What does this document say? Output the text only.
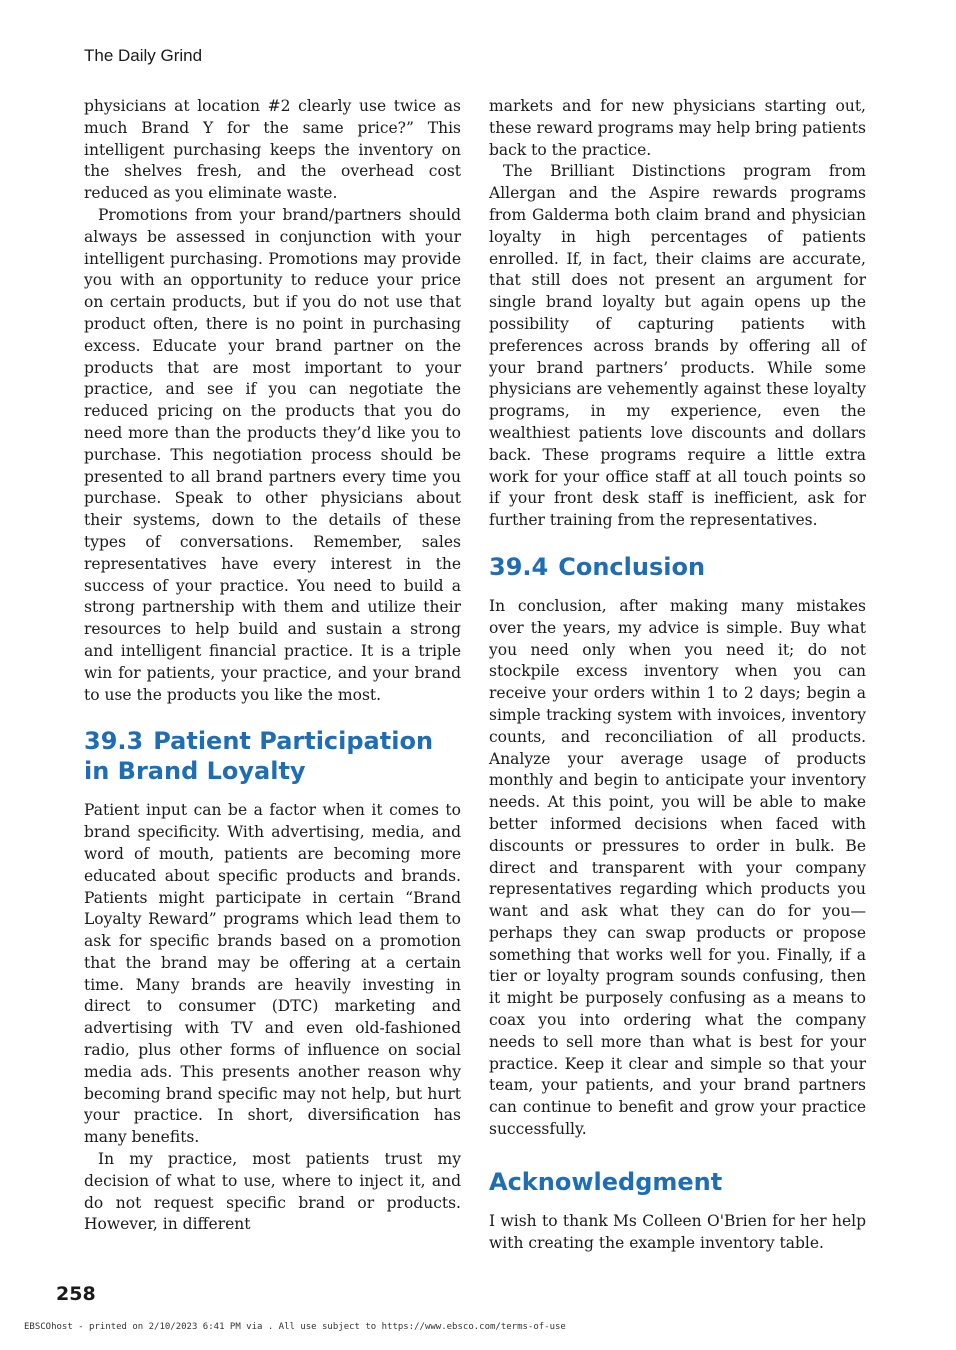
The Daily Grind

physicians at location #2 clearly use twice as much Brand Y for the same price?” This intelligent purchasing keeps the inventory on the shelves fresh, and the overhead cost reduced as you eliminate waste.

Promotions from your brand/partners should always be assessed in conjunction with your intelligent purchasing. Promotions may provide you with an opportunity to reduce your price on certain products, but if you do not use that product often, there is no point in purchasing excess. Educate your brand partner on the products that are most important to your practice, and see if you can negotiate the reduced pricing on the products that you do need more than the products they’d like you to purchase. This negotiation process should be presented to all brand partners every time you purchase. Speak to other physicians about their systems, down to the details of these types of conversations. Remember, sales representatives have every interest in the success of your practice. You need to build a strong partnership with them and utilize their resources to help build and sustain a strong and intelligent financial practice. It is a triple win for patients, your practice, and your brand to use the products you like the most.

39.3 Patient Participation in Brand Loyalty

Patient input can be a factor when it comes to brand specificity. With advertising, media, and word of mouth, patients are becoming more educated about specific products and brands. Patients might participate in certain “Brand Loyalty Reward” programs which lead them to ask for specific brands based on a promotion that the brand may be offering at a certain time. Many brands are heavily investing in direct to consumer (DTC) marketing and advertising with TV and even old-fashioned radio, plus other forms of influence on social media ads. This presents another reason why becoming brand specific may not help, but hurt your practice. In short, diversification has many benefits.

In my practice, most patients trust my decision of what to use, where to inject it, and do not request specific brand or products. However, in different

markets and for new physicians starting out, these reward programs may help bring patients back to the practice.

The Brilliant Distinctions program from Allergan and the Aspire rewards programs from Galderma both claim brand and physician loyalty in high percentages of patients enrolled. If, in fact, their claims are accurate, that still does not present an argument for single brand loyalty but again opens up the possibility of capturing patients with preferences across brands by offering all of your brand partners’ products. While some physicians are vehemently against these loyalty programs, in my experience, even the wealthiest patients love discounts and dollars back. These programs require a little extra work for your office staff at all touch points so if your front desk staff is inefficient, ask for further training from the representatives.

39.4 Conclusion

In conclusion, after making many mistakes over the years, my advice is simple. Buy what you need only when you need it; do not stockpile excess inventory when you can receive your orders within 1 to 2 days; begin a simple tracking system with invoices, inventory counts, and reconciliation of all products. Analyze your average usage of products monthly and begin to anticipate your inventory needs. At this point, you will be able to make better informed decisions when faced with discounts or pressures to order in bulk. Be direct and transparent with your company representatives regarding which products you want and ask what they can do for you—perhaps they can swap products or propose something that works well for you. Finally, if a tier or loyalty program sounds confusing, then it might be purposely confusing as a means to coax you into ordering what the company needs to sell more than what is best for your practice. Keep it clear and simple so that your team, your patients, and your brand partners can continue to benefit and grow your practice successfully.

Acknowledgment

I wish to thank Ms Colleen O'Brien for her help with creating the example inventory table.

258
EBSCOhost - printed on 2/10/2023 6:41 PM via . All use subject to https://www.ebsco.com/terms-of-use
